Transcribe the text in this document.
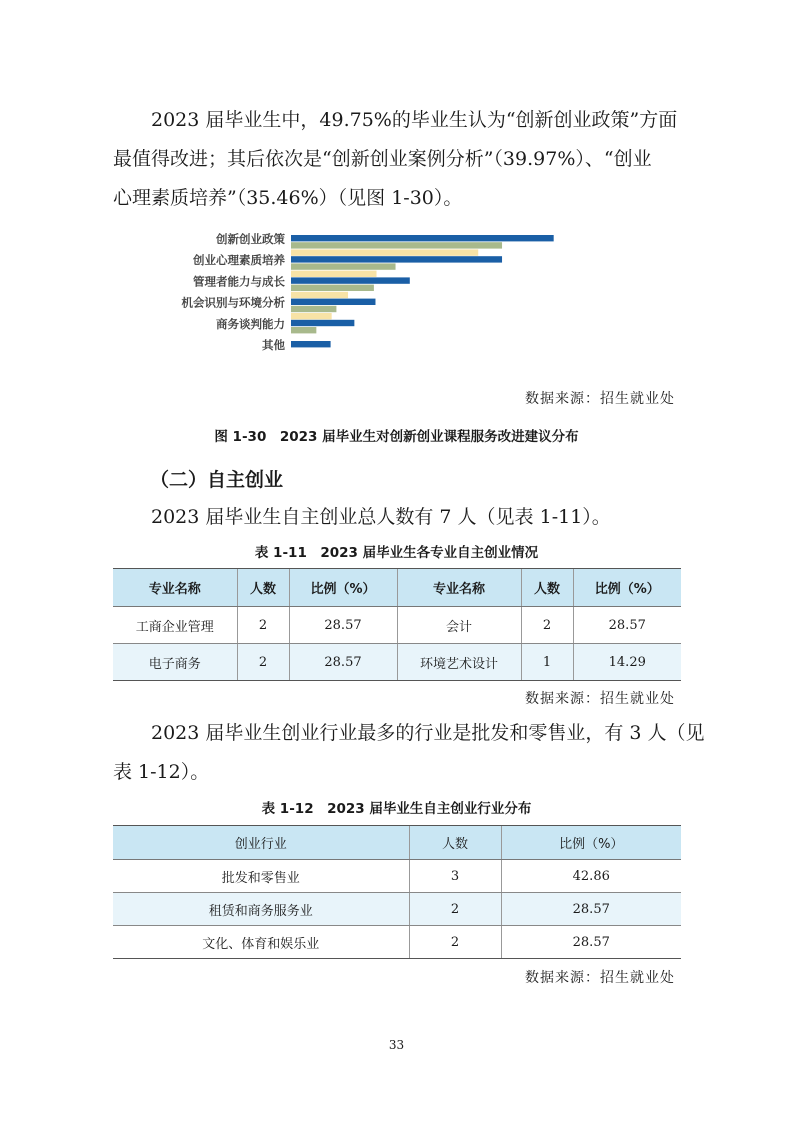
2023 届毕业生中，49.75%的毕业生认为“创新创业政策”方面
最值得改进；其后依次是“创新创业案例分析”（39.97%）、“创业
心理素质培养”（35.46%）（见图 1-30）。
创新创业政策
创业心理素质培养
管理者能力与成长
机会识别与环境分析
商务谈判能力
其他
数据来源：招生就业处
图 1-30　2023 届毕业生对创新创业课程服务改进建议分布
（二）自主创业
2023 届毕业生自主创业总人数有 7 人（见表 1-11）。
表 1-11　2023 届毕业生各专业自主创业情况
专业名称	人数	比例（%）	专业名称	人数	比例（%）
工商企业管理	2	28.57	会计	2	28.57
电子商务	2	28.57	环境艺术设计	1	14.29
数据来源：招生就业处
2023 届毕业生创业行业最多的行业是批发和零售业，有 3 人（见
表 1-12）。
表 1-12　2023 届毕业生自主创业行业分布
创业行业	人数	比例（%）
批发和零售业	3	42.86
租赁和商务服务业	2	28.57
文化、体育和娱乐业	2	28.57
数据来源：招生就业处
33
